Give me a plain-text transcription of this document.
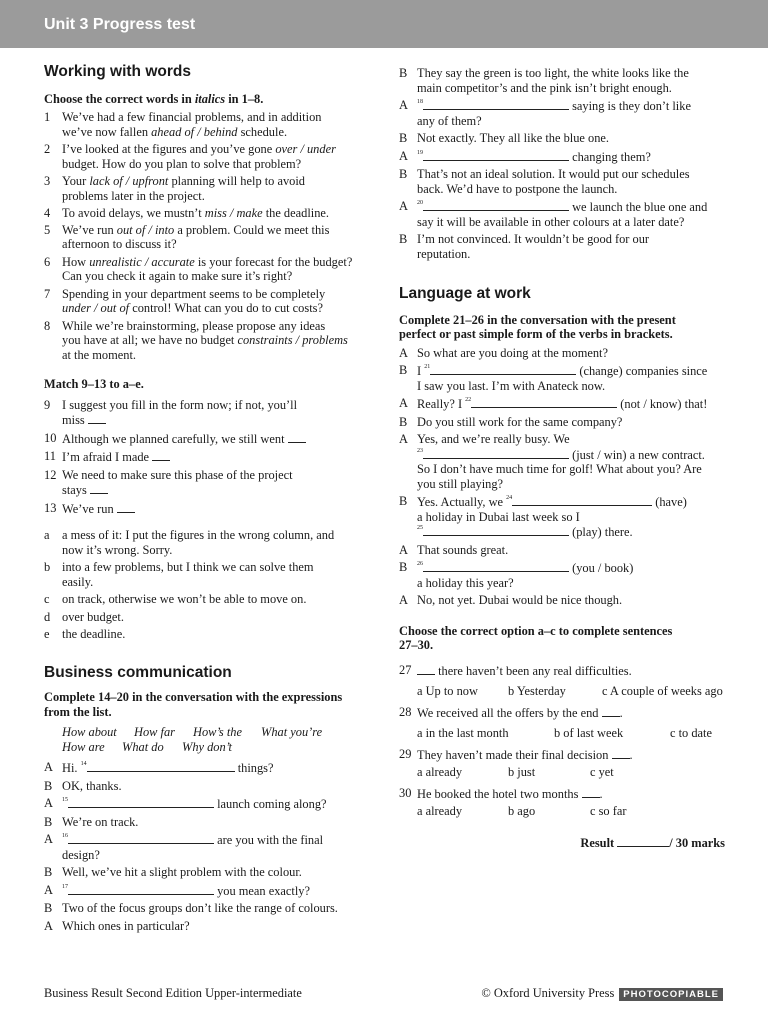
Unit 3 Progress test

Working with words

Choose the correct words in italics in 1–8.

1 We’ve had a few financial problems, and in addition
we’ve now fallen ahead of / behind schedule.
2 I’ve looked at the figures and you’ve gone over / under
budget. How do you plan to solve that problem?
3 Your lack of / upfront planning will help to avoid
problems later in the project.
4 To avoid delays, we mustn’t miss / make the deadline.
5 We’ve run out of / into a problem. Could we meet this
afternoon to discuss it?
6 How unrealistic / accurate is your forecast for the budget?
Can you check it again to make sure it’s right?
7 Spending in your department seems to be completely
under / out of control! What can you do to cut costs?
8 While we’re brainstorming, please propose any ideas
you have at all; we have no budget constraints / problems
at the moment.

Match 9–13 to a–e.

9 I suggest you fill in the form now; if not, you’ll
miss
10 Although we planned carefully, we still went
11 I’m afraid I made
12 We need to make sure this phase of the project
stays
13 We’ve run
a a mess of it: I put the figures in the wrong column, and
now it’s wrong. Sorry.
b into a few problems, but I think we can solve them
easily.
c on track, otherwise we won’t be able to move on.
d over budget.
e the deadline.

Business communication

Complete 14–20 in the conversation with the expressions
from the list.

How about How far How’s the What you’re
How are What do Why don’t
A Hi. $^{14}$	things?
B OK, thanks.
A $^{15}$	launch coming along?
B We’re on track.
A $^{16}$	are you with the final
design?
B Well, we’ve hit a slight problem with the colour.
A $^{17}$	you mean exactly?
B Two of the focus groups don’t like the range of colours.
A Which ones in particular?
B They say the green is too light, the white looks like the
main competitor’s and the pink isn’t bright enough.
A $^{18}$	saying is they don’t like
any of them?
B Not exactly. They all like the blue one.
A $^{19}$	changing them?
B That’s not an ideal solution. It would put our schedules
back. We’d have to postpone the launch.
A $^{20}$	we launch the blue one and
say it will be available in other colours at a later date?
B I’m not convinced. It wouldn’t be good for our
reputation.

Language at work

Complete 21–26 in the conversation with the present
perfect or past simple form of the verbs in brackets.

A So what are you doing at the moment?
B I $^{21}$	(change) companies since
I saw you last. I’m with Anateck now.
A Really? I $^{22}$	(not / know) that!
B Do you still work for the same company?
A Yes, and we’re really busy. We
$^{23}$	(just / win) a new contract.
So I don’t have much time for golf! What about you? Are
you still playing?
B Yes. Actually, we $^{24}$	(have)
a holiday in Dubai last week so I
$^{25}$	(play) there.
A That sounds great.
B $^{26}$	(you / book)
a holiday this year?
A No, not yet. Dubai would be nice though.

Choose the correct option a–c to complete sentences
27–30.

27	there haven’t been any real difficulties.
a Up to now b Yesterday	c A couple of weeks ago
28 We received all the offers by the end .
a in the last month	b of last week	c to date
29 They haven’t made their final decision .
a already	b just	c yet
30 He booked the hotel two months .
a already	b ago	c so far
Result	/ 30 marks
Business Result Second Edition Upper-intermediate	© Oxford University Press PHOTOCOPIABLE
